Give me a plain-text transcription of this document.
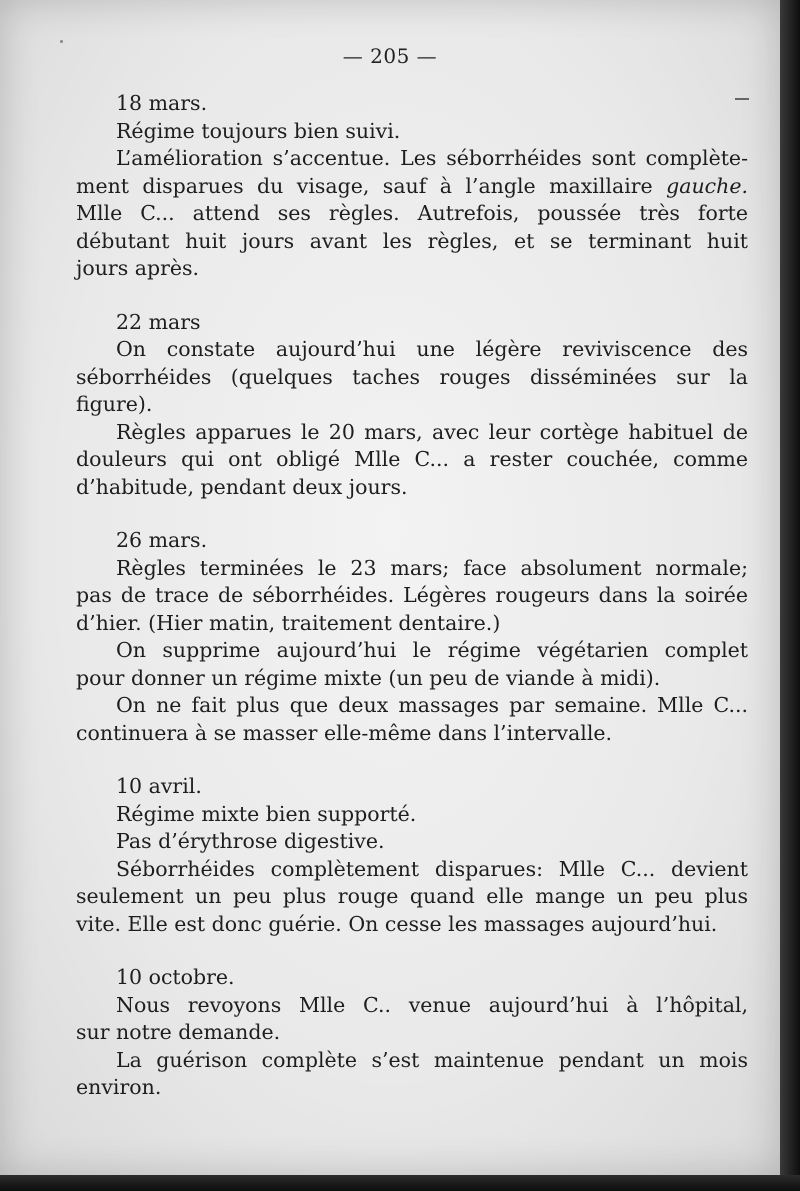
— 205 —
18 mars.
Régime toujours bien suivi.
L’amélioration s’accentue. Les séborrhéides sont complète-
ment disparues du visage, sauf à l’angle maxillaire gauche.
Mlle C... attend ses règles. Autrefois, poussée très forte
débutant huit jours avant les règles, et se terminant huit
jours après.
22 mars
On constate aujourd’hui une légère reviviscence des
séborrhéides (quelques taches rouges disséminées sur la figure).
Règles apparues le 20 mars, avec leur cortège habituel de
douleurs qui ont obligé Mlle C... a rester couchée, comme
d’habitude, pendant deux jours.
26 mars.
Règles terminées le 23 mars; face absolument normale;
pas de trace de séborrhéides. Légères rougeurs dans la soirée
d’hier. (Hier matin, traitement dentaire.)
On supprime aujourd’hui le régime végétarien complet
pour donner un régime mixte (un peu de viande à midi).
On ne fait plus que deux massages par semaine. Mlle C...
continuera à se masser elle-même dans l’intervalle.
10 avril.
Régime mixte bien supporté.
Pas d’érythrose digestive.
Séborrhéides complètement disparues: Mlle C... devient
seulement un peu plus rouge quand elle mange un peu plus
vite. Elle est donc guérie. On cesse les massages aujourd’hui.
10 octobre.
Nous revoyons Mlle C.. venue aujourd’hui à l’hôpital,
sur notre demande.
La guérison complète s’est maintenue pendant un mois
environ.
